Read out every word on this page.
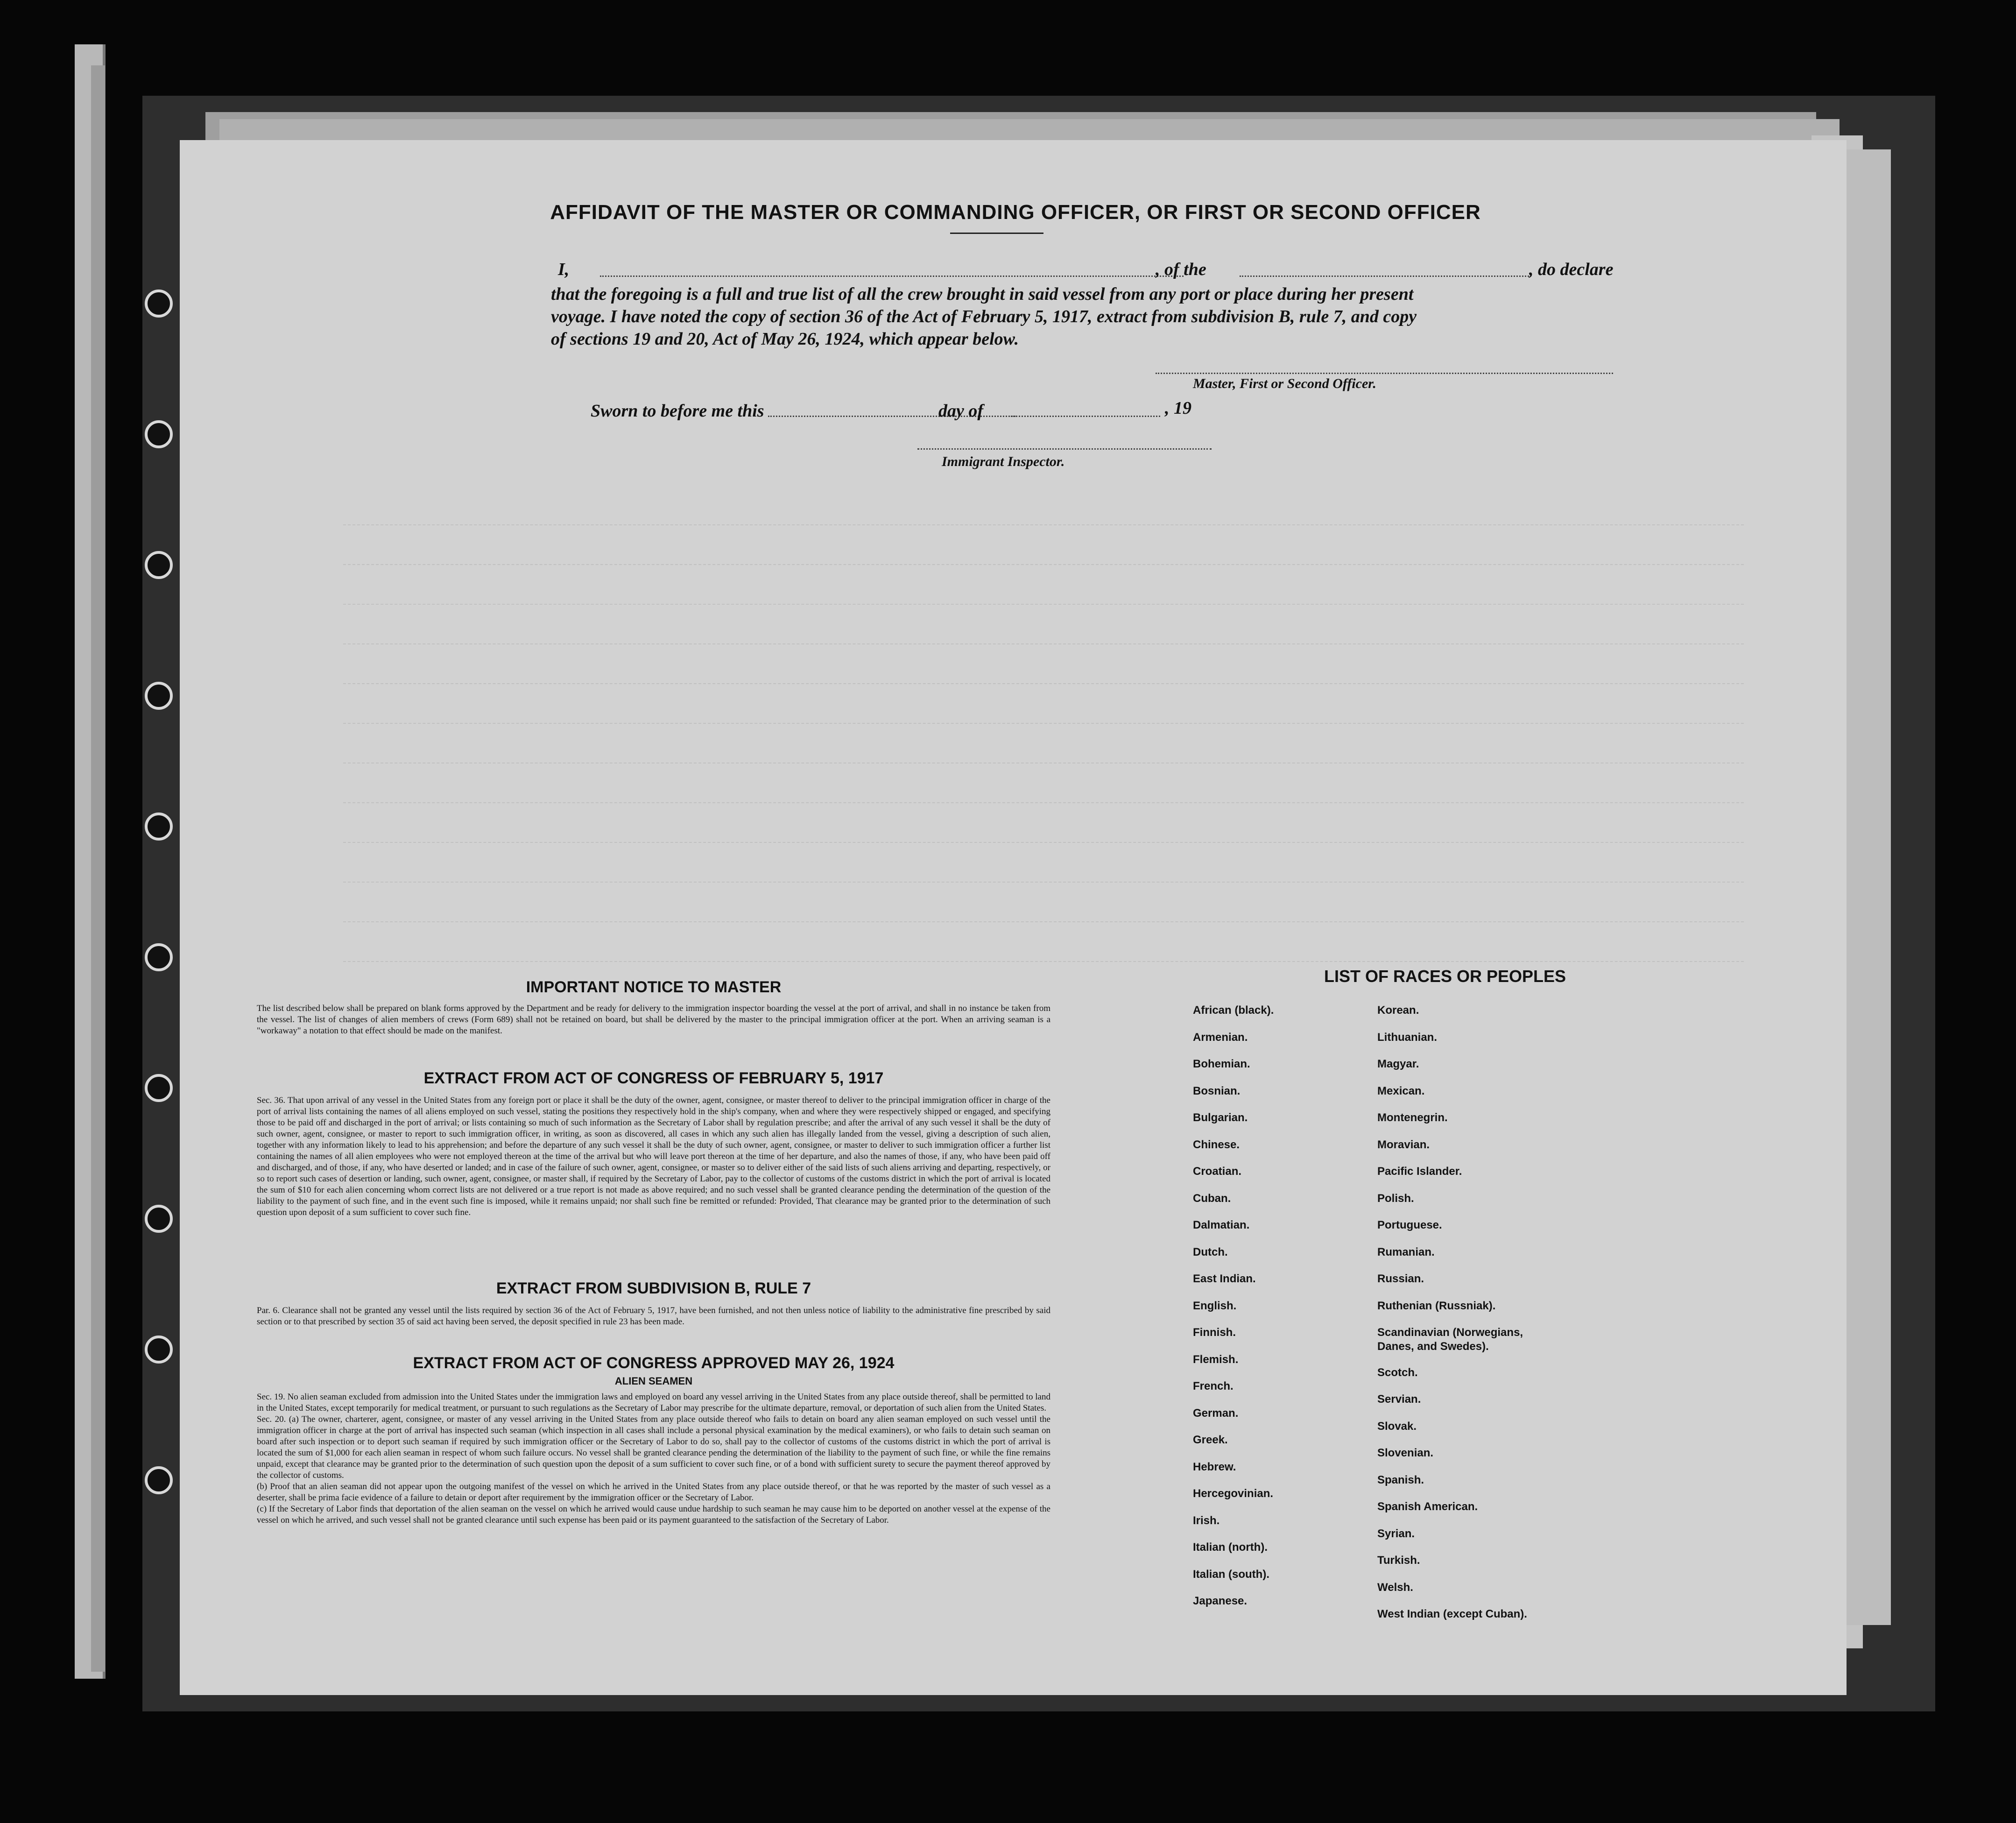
AFFIDAVIT OF THE MASTER OR COMMANDING OFFICER, OR FIRST OR SECOND OFFICER
I,	, of the	, do declare
that the foregoing is a full and true list of all the crew brought in said vessel from any port or place during her present
voyage. I have noted the copy of section 36 of the Act of February 5, 1917, extract from subdivision B, rule 7, and copy
of sections 19 and 20, Act of May 26, 1924, which appear below.
Master, First or Second Officer.
Sworn to before me this	day of	, 19
Immigrant Inspector.
IMPORTANT NOTICE TO MASTER
The list described below shall be prepared on blank forms approved by the Department and be ready for delivery to the immigration inspector boarding the vessel at the port of arrival, and shall in no instance be taken from the vessel. The list of changes of alien members of crews (Form 689) shall not be retained on board, but shall be delivered by the master to the principal immigration officer at the port. When an arriving seaman is a "workaway" a notation to that effect should be made on the manifest.
EXTRACT FROM ACT OF CONGRESS OF FEBRUARY 5, 1917
Sec. 36. That upon arrival of any vessel in the United States from any foreign port or place it shall be the duty of the owner, agent, consignee, or master thereof to deliver to the principal immigration officer in charge of the port of arrival lists containing the names of all aliens employed on such vessel, stating the positions they respectively hold in the ship's company, when and where they were respectively shipped or engaged, and specifying those to be paid off and discharged in the port of arrival; or lists containing so much of such information as the Secretary of Labor shall by regulation prescribe; and after the arrival of any such vessel it shall be the duty of such owner, agent, consignee, or master to report to such immigration officer, in writing, as soon as discovered, all cases in which any such alien has illegally landed from the vessel, giving a description of such alien, together with any information likely to lead to his apprehension; and before the departure of any such vessel it shall be the duty of such owner, agent, consignee, or master to deliver to such immigration officer a further list containing the names of all alien employees who were not employed thereon at the time of the arrival but who will leave port thereon at the time of her departure, and also the names of those, if any, who have been paid off and discharged, and of those, if any, who have deserted or landed; and in case of the failure of such owner, agent, consignee, or master so to deliver either of the said lists of such aliens arriving and departing, respectively, or so to report such cases of desertion or landing, such owner, agent, consignee, or master shall, if required by the Secretary of Labor, pay to the collector of customs of the customs district in which the port of arrival is located the sum of $10 for each alien concerning whom correct lists are not delivered or a true report is not made as above required; and no such vessel shall be granted clearance pending the determination of the question of the liability to the payment of such fine, and in the event such fine is imposed, while it remains unpaid; nor shall such fine be remitted or refunded: Provided, That clearance may be granted prior to the determination of such question upon deposit of a sum sufficient to cover such fine.
EXTRACT FROM SUBDIVISION B, RULE 7
Par. 6. Clearance shall not be granted any vessel until the lists required by section 36 of the Act of February 5, 1917, have been furnished, and not then unless notice of liability to the administrative fine prescribed by said section or to that prescribed by section 35 of said act having been served, the deposit specified in rule 23 has been made.
EXTRACT FROM ACT OF CONGRESS APPROVED MAY 26, 1924
ALIEN SEAMEN
Sec. 19. No alien seaman excluded from admission into the United States under the immigration laws and employed on board any vessel arriving in the United States from any place outside thereof, shall be permitted to land in the United States, except temporarily for medical treatment, or pursuant to such regulations as the Secretary of Labor may prescribe for the ultimate departure, removal, or deportation of such alien from the United States.
Sec. 20. (a) The owner, charterer, agent, consignee, or master of any vessel arriving in the United States from any place outside thereof who fails to detain on board any alien seaman employed on such vessel until the immigration officer in charge at the port of arrival has inspected such seaman (which inspection in all cases shall include a personal physical examination by the medical examiners), or who fails to detain such seaman on board after such inspection or to deport such seaman if required by such immigration officer or the Secretary of Labor to do so, shall pay to the collector of customs of the customs district in which the port of arrival is located the sum of $1,000 for each alien seaman in respect of whom such failure occurs. No vessel shall be granted clearance pending the determination of the liability to the payment of such fine, or while the fine remains unpaid, except that clearance may be granted prior to the determination of such question upon the deposit of a sum sufficient to cover such fine, or of a bond with sufficient surety to secure the payment thereof approved by the collector of customs.
(b) Proof that an alien seaman did not appear upon the outgoing manifest of the vessel on which he arrived in the United States from any place outside thereof, or that he was reported by the master of such vessel as a deserter, shall be prima facie evidence of a failure to detain or deport after requirement by the immigration officer or the Secretary of Labor.
(c) If the Secretary of Labor finds that deportation of the alien seaman on the vessel on which he arrived would cause undue hardship to such seaman he may cause him to be deported on another vessel at the expense of the vessel on which he arrived, and such vessel shall not be granted clearance until such expense has been paid or its payment guaranteed to the satisfaction of the Secretary of Labor.
LIST OF RACES OR PEOPLES
African (black).
Armenian.
Bohemian.
Bosnian.
Bulgarian.
Chinese.
Croatian.
Cuban.
Dalmatian.
Dutch.
East Indian.
English.
Finnish.
Flemish.
French.
German.
Greek.
Hebrew.
Hercegovinian.
Irish.
Italian (north).
Italian (south).
Japanese.
Korean.
Lithuanian.
Magyar.
Mexican.
Montenegrin.
Moravian.
Pacific Islander.
Polish.
Portuguese.
Rumanian.
Russian.
Ruthenian (Russniak).
Scandinavian (Norwegians,
Danes, and Swedes).
Scotch.
Servian.
Slovak.
Slovenian.
Spanish.
Spanish American.
Syrian.
Turkish.
Welsh.
West Indian (except Cuban).
